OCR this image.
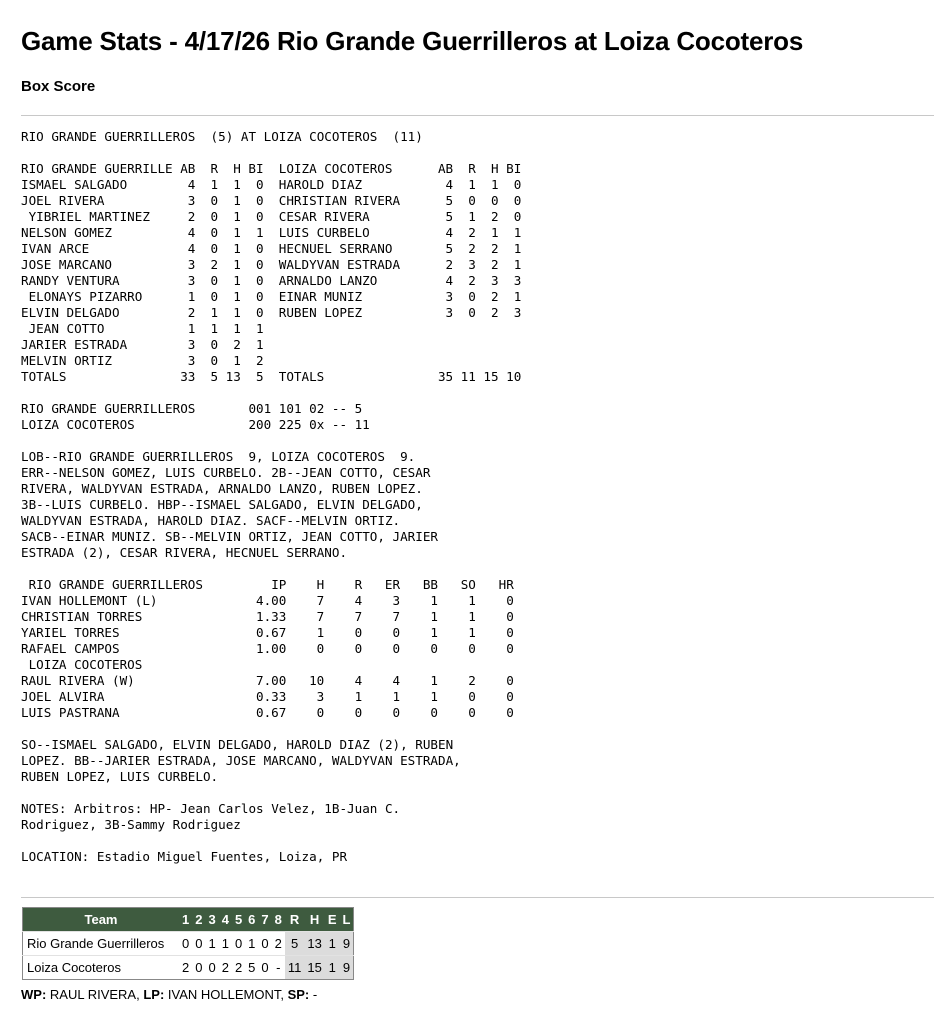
Game Stats - 4/17/26 Rio Grande Guerrilleros at Loiza Cocoteros
Box Score
RIO GRANDE GUERRILLEROS  (5) AT LOIZA COCOTEROS  (11)
RIO GRANDE GUERRILLE AB R H BI LOIZA COCOTEROS	AB R H BI
ISMAEL SALGADO	4 1 1 0 HAROLD DIAZ	4 1 1 0
JOEL RIVERA	3 0 1 0 CHRISTIAN RIVERA	5 0 0 0
YIBRIEL MARTINEZ	2 0 1 0 CESAR RIVERA	5 1 2 0
NELSON GOMEZ	4 0 1 1 LUIS CURBELO	4 2 1 1
IVAN ARCE	4 0 1 0 HECNUEL SERRANO	5 2 2 1
JOSE MARCANO	3 2 1 0 WALDYVAN ESTRADA	2 3 2 1
RANDY VENTURA	3 0 1 0 ARNALDO LANZO	4 2 3 3
ELONAYS PIZARRO	1 0 1 0 EINAR MUNIZ	3 0 2 1
ELVIN DELGADO	2 1 1 0 RUBEN LOPEZ	3 0 2 3
JEAN COTTO	1 1 1 1
JARIER ESTRADA	3 0 2 1
MELVIN ORTIZ	3 0 1 2
TOTALS	33 5 13 5 TOTALS	35 11 15 10
RIO GRANDE GUERRILLEROS	001 101 02 -- 5
LOIZA COCOTEROS	200 225 0x -- 11
LOB--RIO GRANDE GUERRILLEROS  9, LOIZA COCOTEROS  9.
ERR--NELSON GOMEZ, LUIS CURBELO. 2B--JEAN COTTO, CESAR
RIVERA, WALDYVAN ESTRADA, ARNALDO LANZO, RUBEN LOPEZ.
3B--LUIS CURBELO. HBP--ISMAEL SALGADO, ELVIN DELGADO,
WALDYVAN ESTRADA, HAROLD DIAZ. SACF--MELVIN ORTIZ.
SACB--EINAR MUNIZ. SB--MELVIN ORTIZ, JEAN COTTO, JARIER
ESTRADA (2), CESAR RIVERA, HECNUEL SERRANO.
RIO GRANDE GUERRILLEROS	IP H R ER BB SO HR
IVAN HOLLEMONT (L)	4.00 7 4 3 1 1 0
CHRISTIAN TORRES	1.33 7 7 7 1 1 0
YARIEL TORRES	0.67 1 0 0 1 1 0
RAFAEL CAMPOS	1.00 0 0 0 0 0 0
LOIZA COCOTEROS
RAUL RIVERA (W)	7.00 10 4 4 1 2 0
JOEL ALVIRA	0.33 3 1 1 1 0 0
LUIS PASTRANA	0.67 0 0 0 0 0 0
SO--ISMAEL SALGADO, ELVIN DELGADO, HAROLD DIAZ (2), RUBEN
LOPEZ. BB--JARIER ESTRADA, JOSE MARCANO, WALDYVAN ESTRADA,
RUBEN LOPEZ, LUIS CURBELO.
NOTES: Arbitros: HP- Jean Carlos Velez, 1B-Juan C.
Rodriguez, 3B-Sammy Rodriguez
LOCATION: Estadio Miguel Fuentes, Loiza, PR
Team	1	2	3	4	5	6	7	8	R	H	E	L
Rio Grande Guerrilleros	0	0	1	1	0	1	0	2	5	13	1	9
Loiza Cocoteros	2	0	0	2	2	5	0	-	11	15	1	9
WP: RAUL RIVERA, LP: IVAN HOLLEMONT, SP: -
